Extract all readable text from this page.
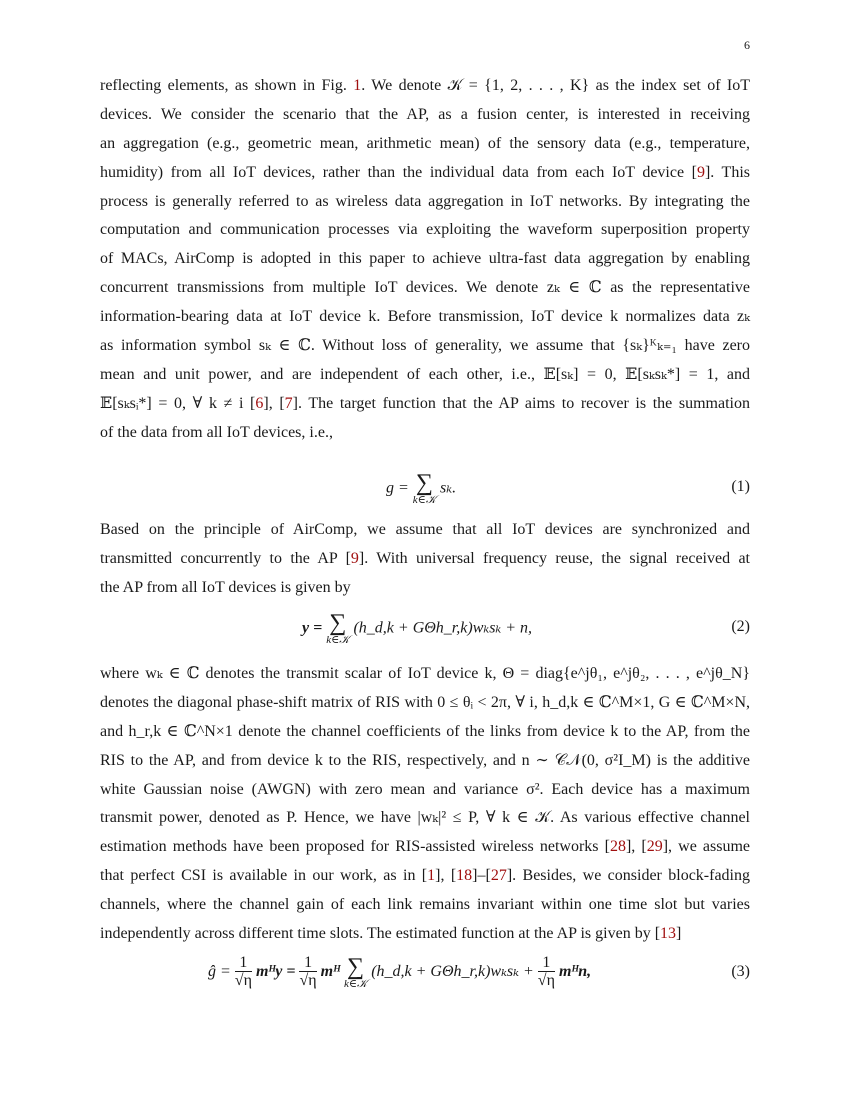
6
reflecting elements, as shown in Fig. 1. We denote 𝒦 = {1, 2, . . . , K} as the index set of IoT
devices. We consider the scenario that the AP, as a fusion center, is interested in receiving
an aggregation (e.g., geometric mean, arithmetic mean) of the sensory data (e.g., temperature,
humidity) from all IoT devices, rather than the individual data from each IoT device [9]. This
process is generally referred to as wireless data aggregation in IoT networks. By integrating the
computation and communication processes via exploiting the waveform superposition property
of MACs, AirComp is adopted in this paper to achieve ultra-fast data aggregation by enabling
concurrent transmissions from multiple IoT devices. We denote zₖ ∈ ℂ as the representative
information-bearing data at IoT device k. Before transmission, IoT device k normalizes data zₖ
as information symbol sₖ ∈ ℂ. Without loss of generality, we assume that {sₖ}ᴷₖ₌₁ have zero
mean and unit power, and are independent of each other, i.e., 𝔼[sₖ] = 0, 𝔼[sₖsₖ*] = 1, and
𝔼[sₖsᵢ*] = 0, ∀ k ≠ i [6], [7]. The target function that the AP aims to recover is the summation
of the data from all IoT devices, i.e.,
g = ∑
k∈𝒦
sₖ.	(1)
Based on the principle of AirComp, we assume that all IoT devices are synchronized and
transmitted concurrently to the AP [9]. With universal frequency reuse, the signal received at
the AP from all IoT devices is given by
y = ∑
k∈𝒦
(h_d,k + GΘh_r,k)wₖsₖ + n,	(2)
where wₖ ∈ ℂ denotes the transmit scalar of IoT device k, Θ = diag{e^jθ₁, e^jθ₂, . . . , e^jθ_N}
denotes the diagonal phase-shift matrix of RIS with 0 ≤ θᵢ < 2π, ∀ i, h_d,k ∈ ℂ^M×1, G ∈ ℂ^M×N,
and h_r,k ∈ ℂ^N×1 denote the channel coefficients of the links from device k to the AP, from the
RIS to the AP, and from device k to the RIS, respectively, and n ∼ 𝒞𝒩(0, σ²I_M) is the additive
white Gaussian noise (AWGN) with zero mean and variance σ². Each device has a maximum
transmit power, denoted as P. Hence, we have |wₖ|² ≤ P, ∀ k ∈ 𝒦. As various effective channel
estimation methods have been proposed for RIS-assisted wireless networks [28], [29], we assume
that perfect CSI is available in our work, as in [1], [18]–[27]. Besides, we consider block-fading
channels, where the channel gain of each link remains invariant within one time slot but varies
independently across different time slots. The estimated function at the AP is given by [13]
ĝ = $\frac{1}{√\eta}$ mᴴy = $\frac{1}{√\eta}$ mᴴ ∑
k∈𝒦
(h_d,k + GΘh_r,k)wₖsₖ + $\frac{1}{√\eta}$ mᴴn,	(3)
